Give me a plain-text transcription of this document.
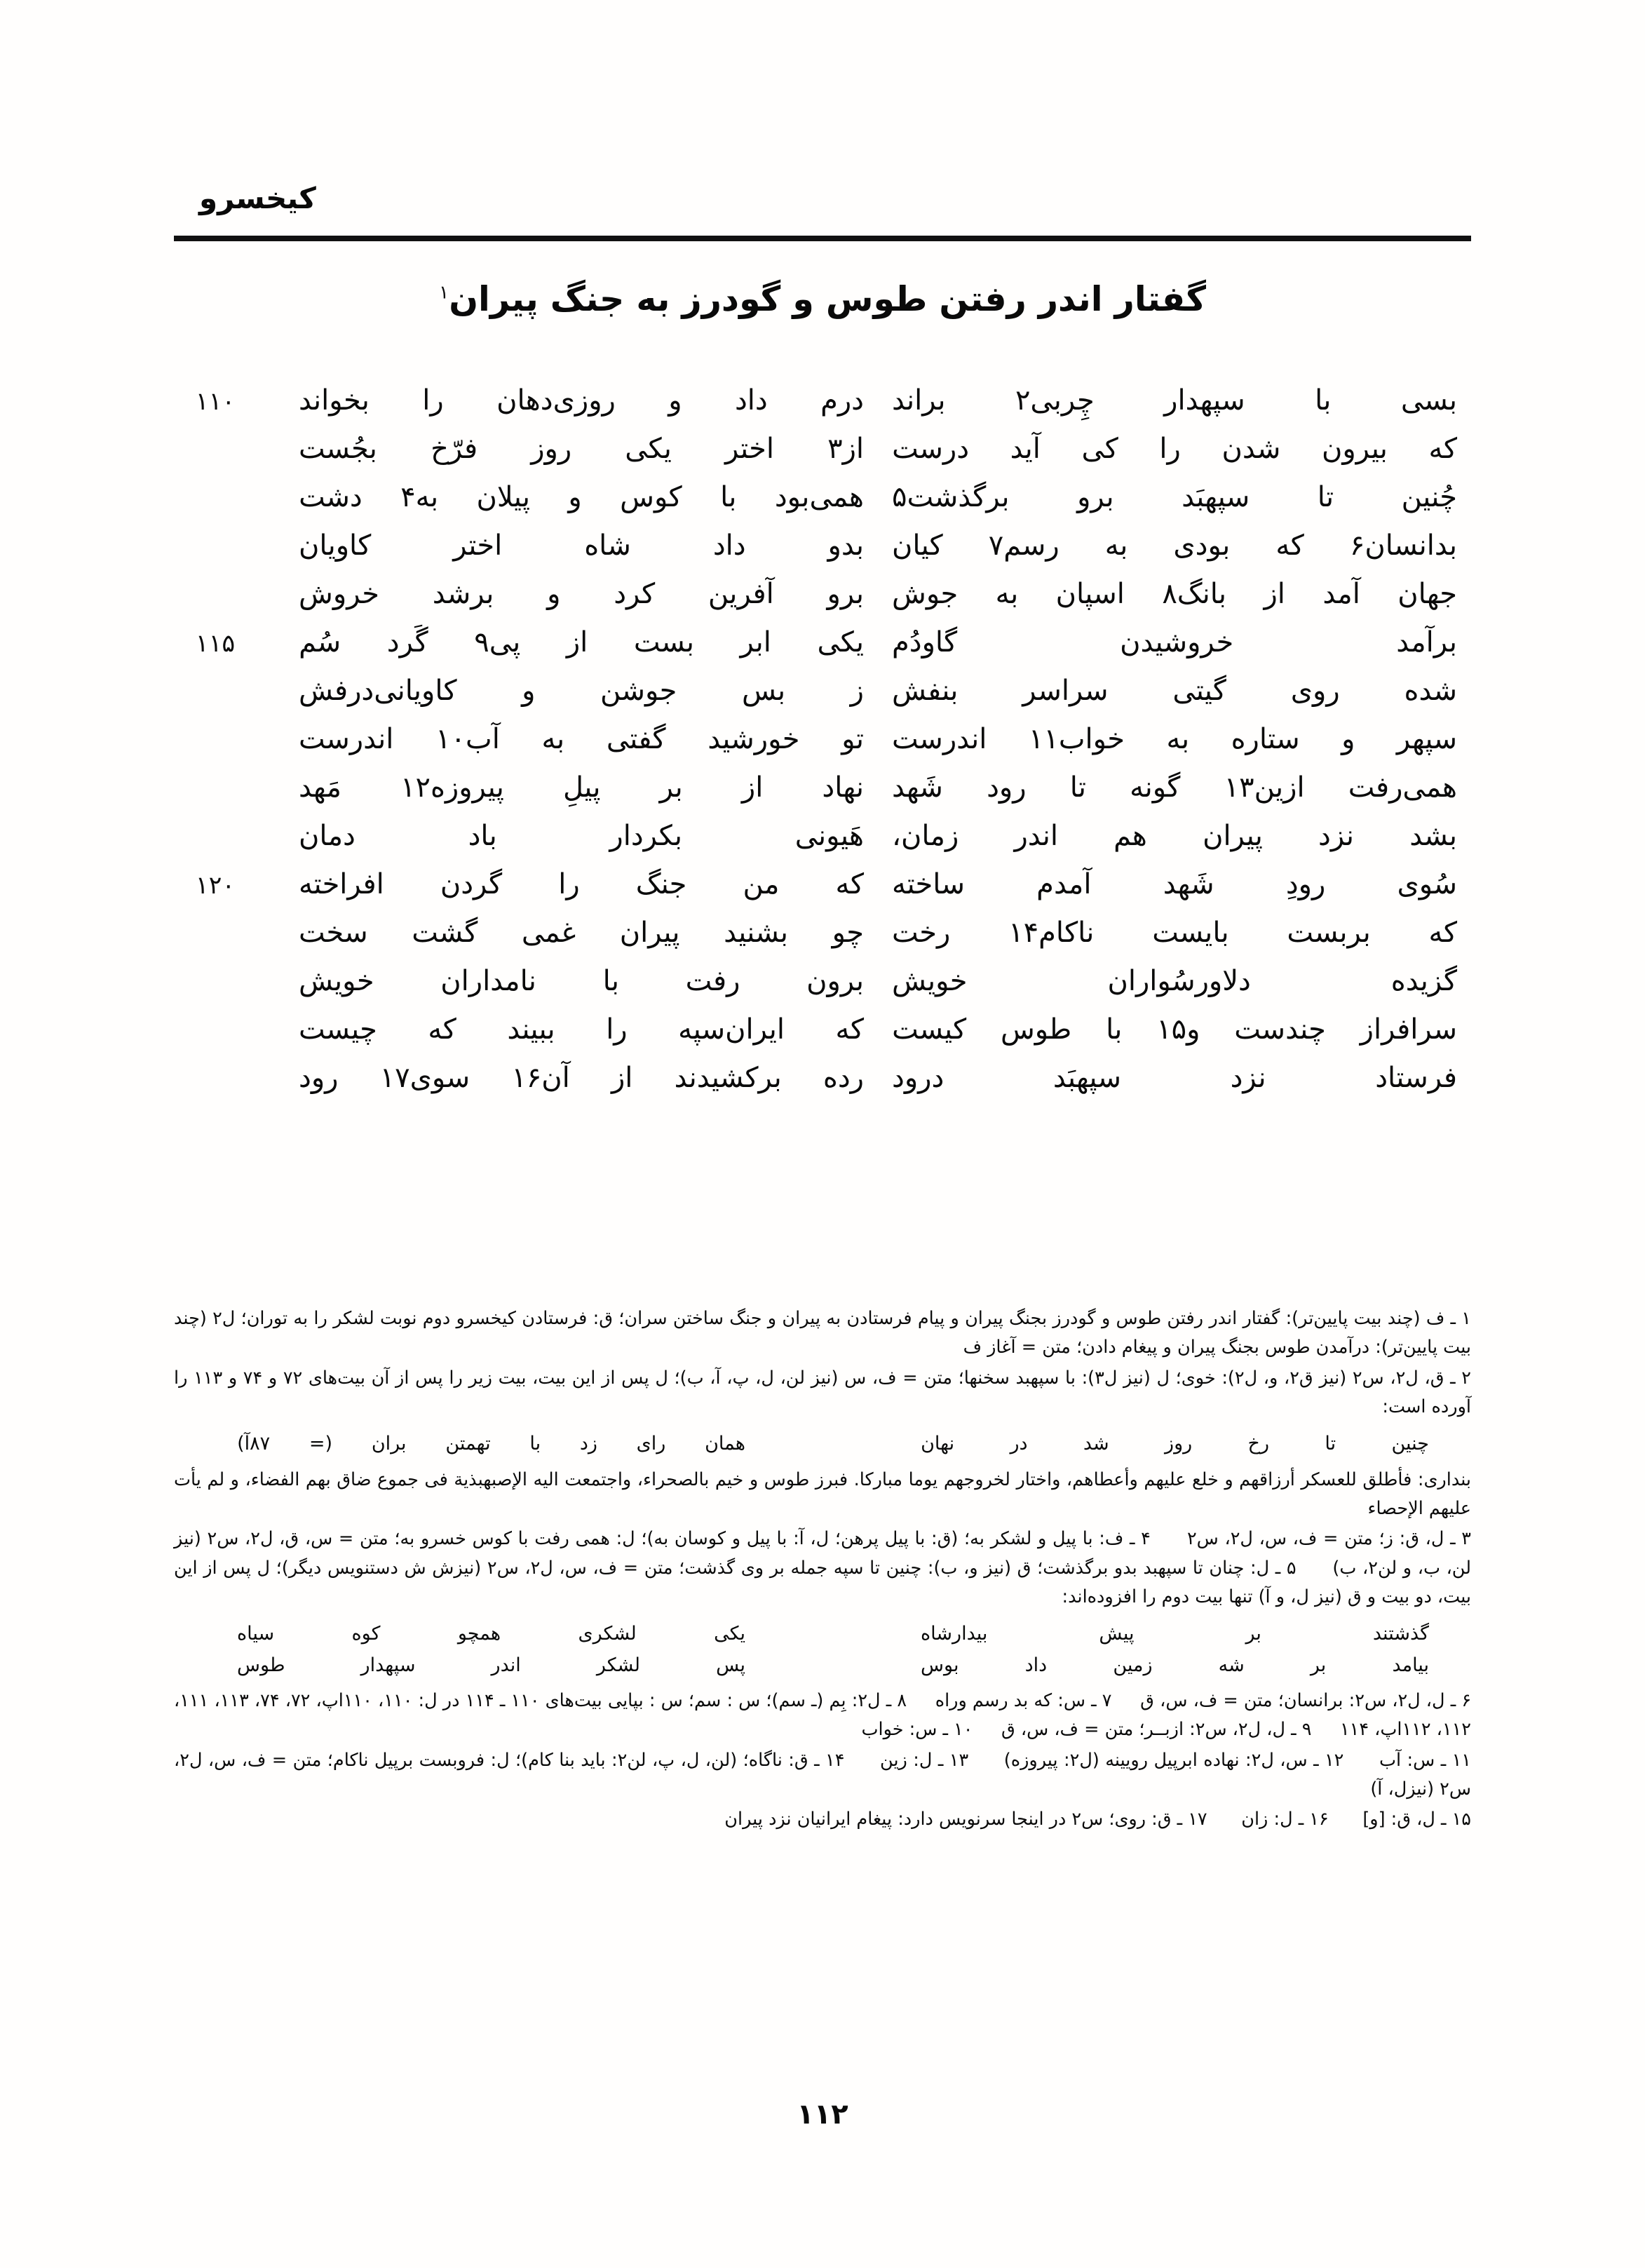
کیخسرو
گفتار اندر رفتن طوس و گودرز به جنگ پیران$^۱$
بسی
با
سپهدار
چِربی۲
براند
درم
داد
و
روزی‌دهان
را
بخواند
۱۱۰
که
بیرون
شدن
را
کی
آید
درست
از۳
اختر
یکی
روز
فرّخ
بجُست
چُنین
تا
سپهبَد
برو
برگذشت۵
همی‌بود
با
کوس
و
پیلان
به۴
دشت
بدانسان۶
که
بودی
به
رسم۷
کیان
بدو
داد
شاه
اختر
کاویان
جهان
آمد
از
بانگ۸
اسپان
به
جوش
برو
آفرین
کرد
و
برشد
خروش
برآمد
خروشیدن
گاودُم
یکی
ابر
بست
از
پی۹
گَرد
سُم
۱۱۵
شده
روی
گیتی
سراسر
بنفش
ز
بس
جوشن
و
کاویانی‌درفش
سپهر
و
ستاره
به
خواب۱۱
اندرست
تو
خورشید
گفتی
به
آب۱۰
اندرست
همی‌رفت
ازین۱۳
گونه
تا
رود
شَهد
نهاد
از
بر
پیلِ
پیروزه۱۲
مَهد
بشد
نزد
پیران
هم
اندر
زمان،
هَیونی
بکردار
باد
دمان
سُوی
رودِ
شَهد
آمدم
ساخته
که
من
جنگ
را
گردن
افراخته
۱۲۰
که
بربست
بایست
ناکام۱۴
رخت
چو
بشنید
پیران
غمی
گشت
سخت
گزیده
دلاورسُواران
خویش
برون
رفت
با
نامداران
خویش
سرافراز
چندست
و۱۵
با
طوس
کیست
که
ایران‌سپه
را
ببیند
که
چیست
فرستاد
نزد
سپهبَد
درود
رده
برکشیدند
از
آن۱۶
سوی۱۷
رود

۱ ـ ف (چند بیت پایین‌تر): گفتار اندر رفتن طوس و گودرز بجنگ پیران و پیام فرستادن به پیران و جنگ ساختن سران؛ ق: فرستادن کیخسرو دوم نوبت لشکر را به توران؛ ل۲ (چند بیت پایین‌تر): درآمدن طوس بجنگ پیران و پیغام دادن؛ متن = آغاز ف

۲ ـ ق، ل۲، س۲ (نیز ق۲، و، ل۲): خوی؛ ل (نیز ل۳): با سپهبد سخنها؛ متن = ف، س (نیز لن، ل، پ، آ، ب)؛ ل پس از این بیت، بیت زیر را پس از آن بیت‌های ۷۲ و ۷۴ و ۱۱۳ را آورده است:

چنین
تا
رخ
روز
شد
در
نهان
همان
رای
زد
با
تهمتن
بران
(=
۸۷آ)

بنداری: فأطلق للعسکر أرزاقهم و خلع علیهم وأعطاهم، واختار لخروجهم یوما مبارکا. فبرز طوس و خیم بالصحراء، واجتمعت الیه الإصبهبذیة فی جموع ضاق بهم الفضاء، و لم یأت علیهم الإحصاء

۳ ـ ل، ق: ز؛ متن = ف، س، ل۲، س۲      ۴ ـ ف: با پیل و لشکر به؛ (ق: با پیل پرهن؛ ل، آ: با پیل و کوسان به)؛ ل: همی رفت با کوس خسرو به؛ متن = س، ق، ل۲، س۲ (نیز لن، ب، و لن۲، ب)      ۵ ـ ل: چنان تا سپهبد بدو برگذشت؛ ق (نیز و، ب): چنین تا سپه جمله بر وی گذشت؛ متن = ف، س، ل۲، س۲ (نیزش ش دستنویس دیگر)؛ ل پس از این بیت، دو بیت و ق (نیز ل، و آ) تنها بیت دوم را افزوده‌اند:

گذشتند
بر
پیش
بیدارشاه
یکی
لشکری
همچو
کوه
سیاه
بیامد
بر
شه
زمین
داد
بوس
پس
لشکر
اندر
سپهدار
طوس

۶ ـ ل، ل۲، س۲: برانسان؛ متن = ف، س، ق     ۷ ـ س: که بد رسم وراه     ۸ ـ ل۲: بِم (ـ سم)؛ س : سم؛ س : بپایی بیت‌های ۱۱۰ ـ ۱۱۴ در ل: ۱۱۰، ۱۱۰اپ، ۷۲، ۷۴، ۱۱۳، ۱۱۱، ۱۱۲، ۱۱۲اپ، ۱۱۴     ۹ ـ ل، ل۲، س۲: ازبــر؛ متن = ف، س، ق     ۱۰ ـ س: خواب

۱۱ ـ س: آب      ۱۲ ـ س، ل۲: نهاده ابرپیل رویینه (ل۲: پیروزه)      ۱۳ ـ ل: زین      ۱۴ ـ ق: ناگاه؛ (لن، ل، پ، لن۲: باید بنا کام)؛ ل: فروبست برپیل ناکام؛ متن = ف، س، ل۲، س۲ (نیزل، آ)

۱۵ ـ ل، ق: [و]      ۱۶ ـ ل: زان      ۱۷ ـ ق: روی؛ س۲ در اینجا سرنویس دارد: پیغام ایرانیان نزد پیران

۱۱۲
